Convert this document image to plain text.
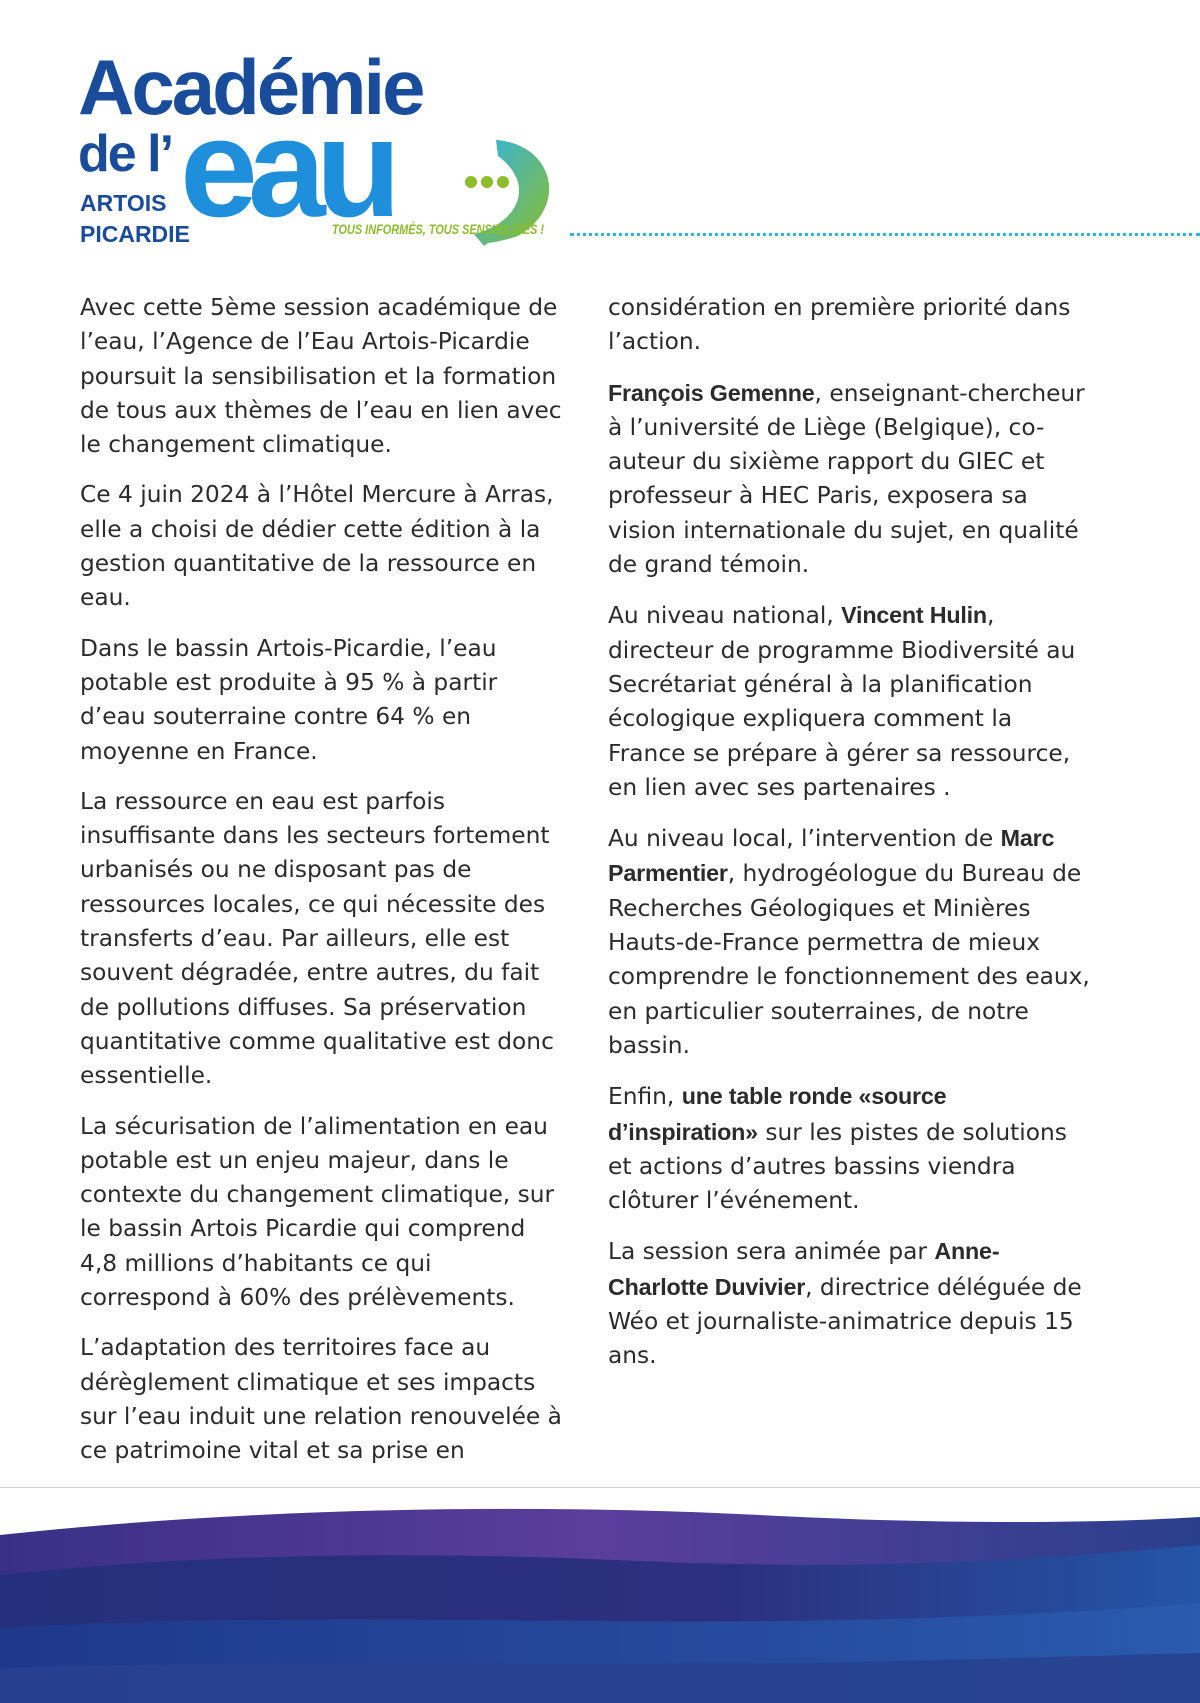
Académie
de l’ eau
ARTOIS
PICARDIE	TOUS INFORMÉS, TOUS SENSIBILISÉS !

Avec cette 5ème session académique de l’eau, l’Agence de l’Eau Artois-Picardie poursuit la sensibilisation et la formation de tous aux thèmes de l’eau en lien avec le changement climatique.

Ce 4 juin 2024 à l’Hôtel Mercure à Arras, elle a choisi de dédier cette édition à la gestion quantitative de la ressource en eau.

Dans le bassin Artois-Picardie, l’eau potable est produite à 95 % à partir d’eau souterraine contre 64 % en moyenne en France.

La ressource en eau est parfois insuffisante dans les secteurs fortement urbanisés ou ne disposant pas de ressources locales, ce qui nécessite des transferts d’eau. Par ailleurs, elle est souvent dégradée, entre autres, du fait de pollutions diffuses. Sa préservation quantitative comme qualitative est donc essentielle.

La sécurisation de l’alimentation en eau potable est un enjeu majeur, dans le contexte du changement climatique, sur le bassin Artois Picardie qui comprend 4,8 millions d’habitants ce qui correspond à 60% des prélèvements.

L’adaptation des territoires face au dérèglement climatique et ses impacts sur l’eau induit une relation renouvelée à ce patrimoine vital et sa prise en

considération en première priorité dans l’action.

François Gemenne, enseignant-chercheur à l’université de Liège (Belgique), co-auteur du sixième rapport du GIEC et professeur à HEC Paris, exposera sa vision internationale du sujet, en qualité de grand témoin.

Au niveau national, Vincent Hulin, directeur de programme Biodiversité au Secrétariat général à la planification écologique expliquera comment la France se prépare à gérer sa ressource, en lien avec ses partenaires .

Au niveau local, l’intervention de Marc Parmentier, hydrogéologue du Bureau de Recherches Géologiques et Minières Hauts-de-France permettra de mieux comprendre le fonctionnement des eaux, en particulier souterraines, de notre bassin.

Enfin, une table ronde «source d’inspiration» sur les pistes de solutions et actions d’autres bassins viendra clôturer l’événement.

La session sera animée par Anne-Charlotte Duvivier, directrice déléguée de Wéo et journaliste-animatrice depuis 15 ans.
